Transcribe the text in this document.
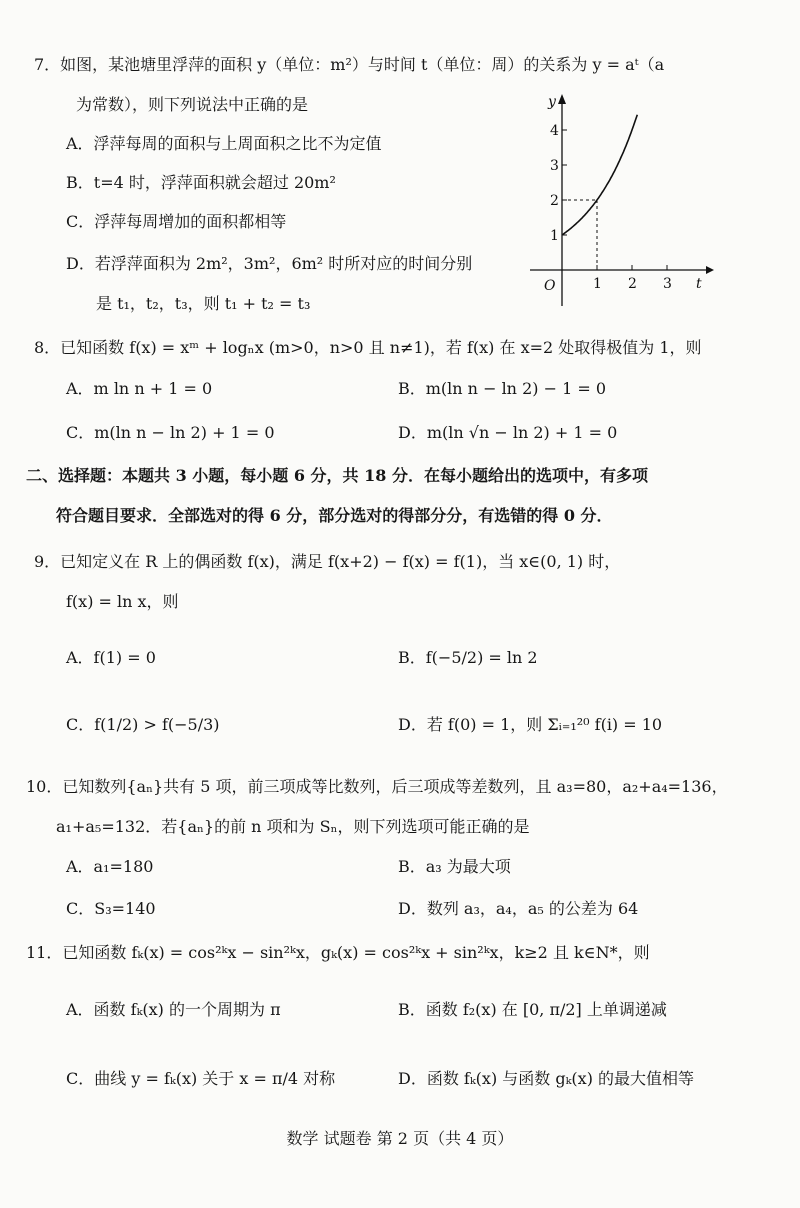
7．如图，某池塘里浮萍的面积 y（单位：m²）与时间 t（单位：周）的关系为 y = aᵗ（a
为常数），则下列说法中正确的是
A．浮萍每周的面积与上周面积之比不为定值
B．t=4 时，浮萍面积就会超过 20m²
C．浮萍每周增加的面积都相等
D．若浮萍面积为 2m²，3m²，6m² 时所对应的时间分别
是 t₁，t₂，t₃，则 t₁ + t₂ = t₃
y
t
O	1 2 3
1
2
3
4
8．已知函数 f(x) = xᵐ + logₙx (m>0，n>0 且 n≠1)，若 f(x) 在 x=2 处取得极值为 1，则
A．m ln n + 1 = 0	B．m(ln n − ln 2) − 1 = 0
C．m(ln n − ln 2) + 1 = 0	D．m(ln √n − ln 2) + 1 = 0
二、选择题：本题共 3 小题，每小题 6 分，共 18 分．在每小题给出的选项中，有多项
符合题目要求．全部选对的得 6 分，部分选对的得部分分，有选错的得 0 分．
9．已知定义在 R 上的偶函数 f(x)，满足 f(x+2) − f(x) = f(1)，当 x∈(0, 1) 时，
f(x) = ln x，则
A．f(1) = 0	B．f(−5/2) = ln 2
C．f(1/2) > f(−5/3)	D．若 f(0) = 1，则 Σᵢ₌₁²⁰ f(i) = 10
10．已知数列{aₙ}共有 5 项，前三项成等比数列，后三项成等差数列，且 a₃=80，a₂+a₄=136，
a₁+a₅=132．若{aₙ}的前 n 项和为 Sₙ，则下列选项可能正确的是
A．a₁=180	B．a₃ 为最大项
C．S₃=140	D．数列 a₃，a₄，a₅ 的公差为 64
11．已知函数 fₖ(x) = cos²ᵏx − sin²ᵏx，gₖ(x) = cos²ᵏx + sin²ᵏx，k≥2 且 k∈N*，则
A．函数 fₖ(x) 的一个周期为 π	B．函数 f₂(x) 在 [0, π/2] 上单调递减
C．曲线 y = fₖ(x) 关于 x = π/4 对称	D．函数 fₖ(x) 与函数 gₖ(x) 的最大值相等
数学 试题卷 第 2 页（共 4 页）
